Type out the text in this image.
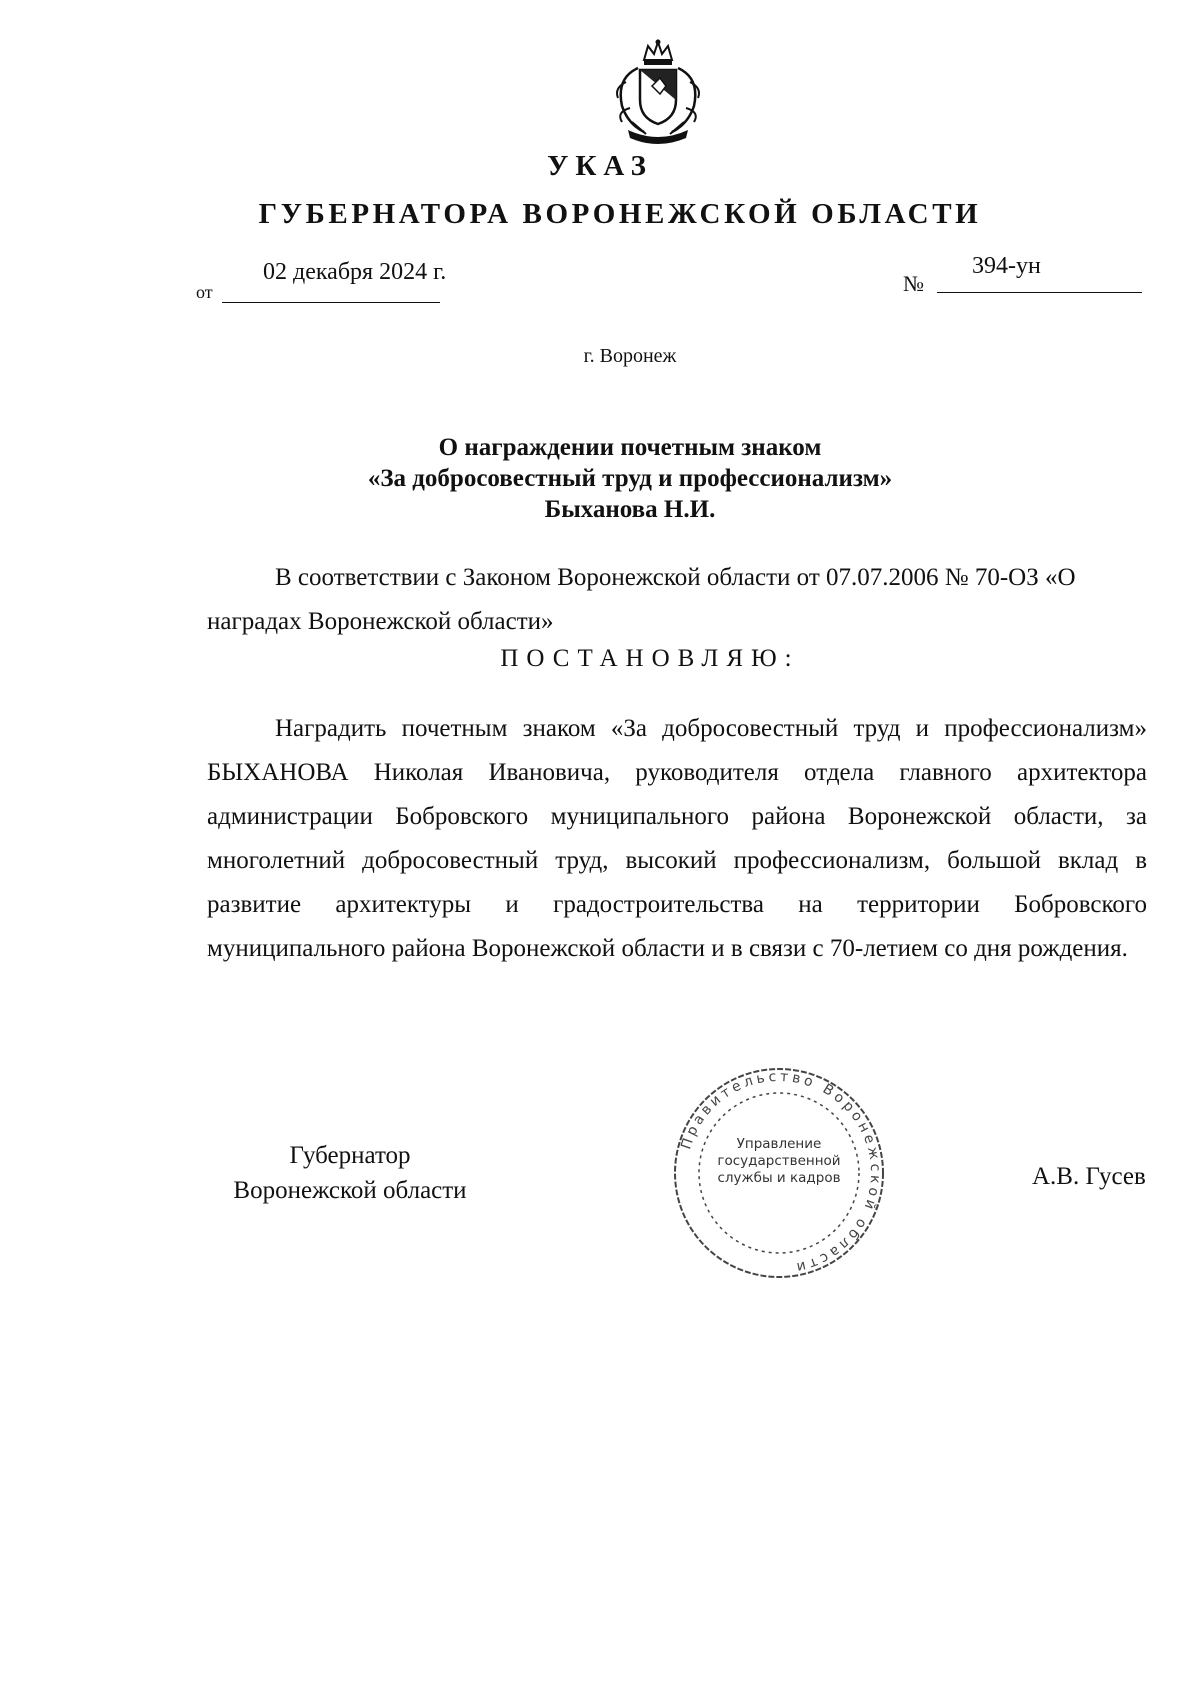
УКАЗ
ГУБЕРНАТОРА ВОРОНЕЖСКОЙ ОБЛАСТИ
от
02 декабря 2024 г.	№
394-ун
г. Воронеж
О награждении почетным знаком
«За добросовестный труд и профессионализм»
Быханова Н.И.
В соответствии с Законом Воронежской области от 07.07.2006 № 70-ОЗ «О наградах Воронежской области»
ПОСТАНОВЛЯЮ:
Наградить почетным знаком «За добросовестный труд и профессионализм» БЫХАНОВА Николая Ивановича, руководителя отдела главного архитектора администрации Бобровского муниципального района Воронежской области, за многолетний добросовестный труд, высокий профессионализм, большой вклад в развитие архитектуры и градостроительства на территории Бобровского муниципального района Воронежской области и в связи с 70-летием со дня рождения.
Губернатор
Воронежской области
А.В. Гусев
Правительство Воронежской области
Управление
государственной
службы и кадров
